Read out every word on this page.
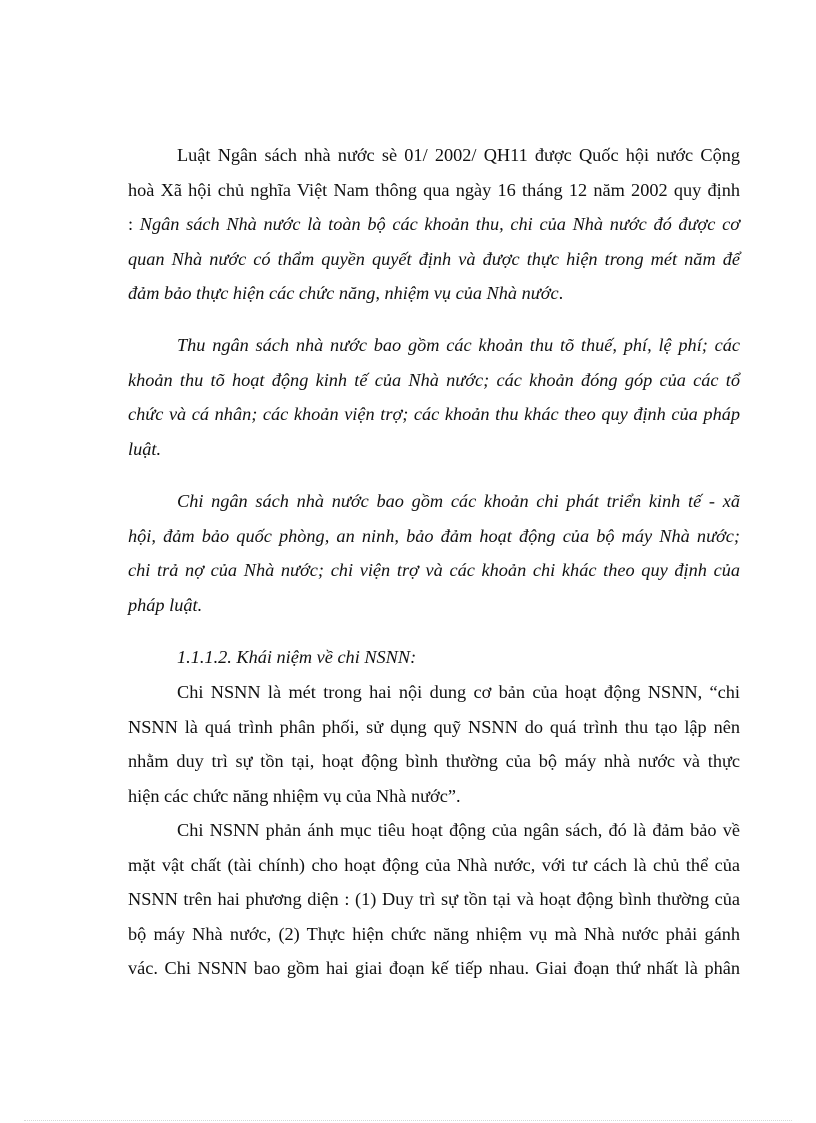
Luật Ngân sách nhà nước sè 01/ 2002/ QH11 được Quốc hội nước Cộng
hoà Xã hội chủ nghĩa Việt Nam thông qua ngày 16 tháng 12 năm 2002 quy định
: Ngân sách Nhà nước là toàn bộ các khoản thu, chi của Nhà nước đó được cơ
quan Nhà nước có thẩm quyền quyết định và được thực hiện trong mét năm để
đảm bảo thực hiện các chức năng, nhiệm vụ của Nhà nước.

Thu ngân sách nhà nước bao gồm các khoản thu tõ thuế, phí, lệ phí; các
khoản thu tõ hoạt động kinh tế của Nhà nước; các khoản đóng góp của các tổ
chức và cá nhân; các khoản viện trợ; các khoản thu khác theo quy định của pháp
luật.

Chi ngân sách nhà nước bao gồm các khoản chi phát triển kinh tế - xã
hội, đảm bảo quốc phòng, an ninh, bảo đảm hoạt động của bộ máy Nhà nước;
chi trả nợ của Nhà nước; chi viện trợ và các khoản chi khác theo quy định của
pháp luật.

1.1.1.2. Khái niệm về chi NSNN:

Chi NSNN là mét trong hai nội dung cơ bản của hoạt động NSNN, “chi
NSNN là quá trình phân phối, sử dụng quỹ NSNN do quá trình thu tạo lập nên
nhằm duy trì sự tồn tại, hoạt động bình thường của bộ máy nhà nước và thực
hiện các chức năng nhiệm vụ của Nhà nước”.

Chi NSNN phản ánh mục tiêu hoạt động của ngân sách, đó là đảm bảo về
mặt vật chất (tài chính) cho hoạt động của Nhà nước, với tư cách là chủ thể của
NSNN trên hai phương diện : (1) Duy trì sự tồn tại và hoạt động bình thường của
bộ máy Nhà nước, (2) Thực hiện chức năng nhiệm vụ mà Nhà nước phải gánh
vác. Chi NSNN bao gồm hai giai đoạn kế tiếp nhau. Giai đoạn thứ nhất là phân
